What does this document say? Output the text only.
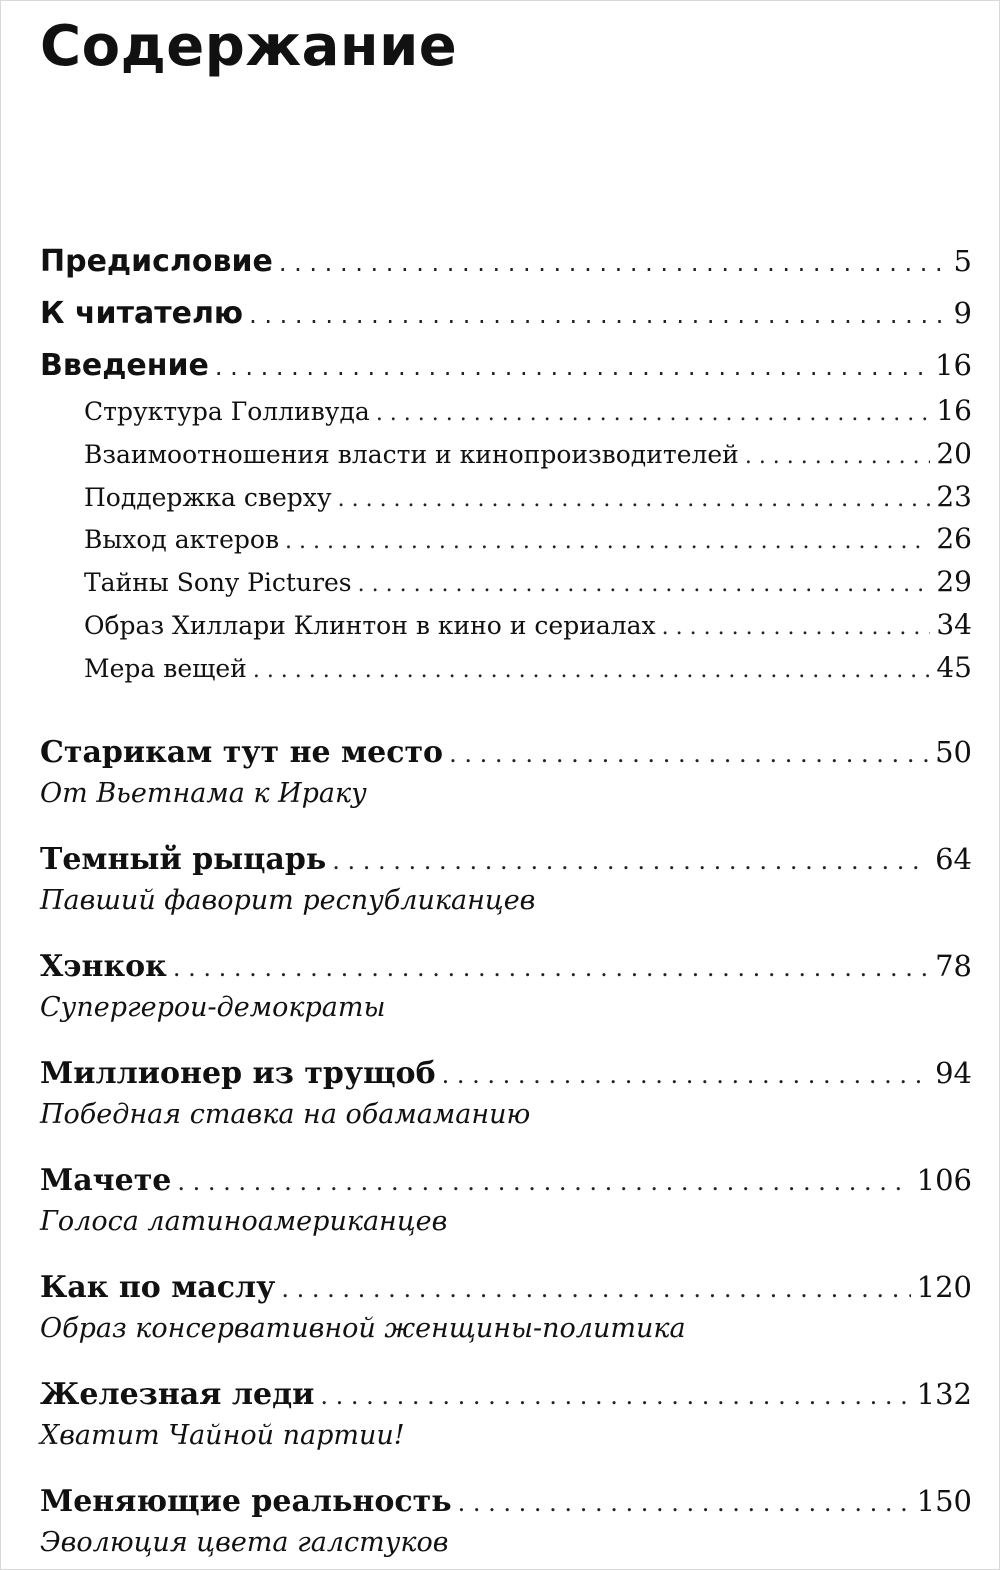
Содержание
Предисловие . . .	5
К читателю . . .	9
Введение . . .	16
Структура Голливуда . . .	16
Взаимоотношения власти и кинопроизводителей . . .	20
Поддержка сверху . . .	23
Выход актеров . . .	26
Тайны Sony Pictures . . .	29
Образ Хиллари Клинтон в кино и сериалах . . .	34
Мера вещей . . .	45
Старикам тут не место . . .	50
От Вьетнама к Ираку
Темный рыцарь . . .	64
Павший фаворит республиканцев
Хэнкок . . .	78
Супергерои-демократы
Миллионер из трущоб . . .	94
Победная ставка на обамаманию
Мачете . . .	106
Голоса латиноамериканцев
Как по маслу . . .	120
Образ консервативной женщины-политика
Железная леди . . .	132
Хватит Чайной партии!
Меняющие реальность . . .	150
Эволюция цвета галстуков
